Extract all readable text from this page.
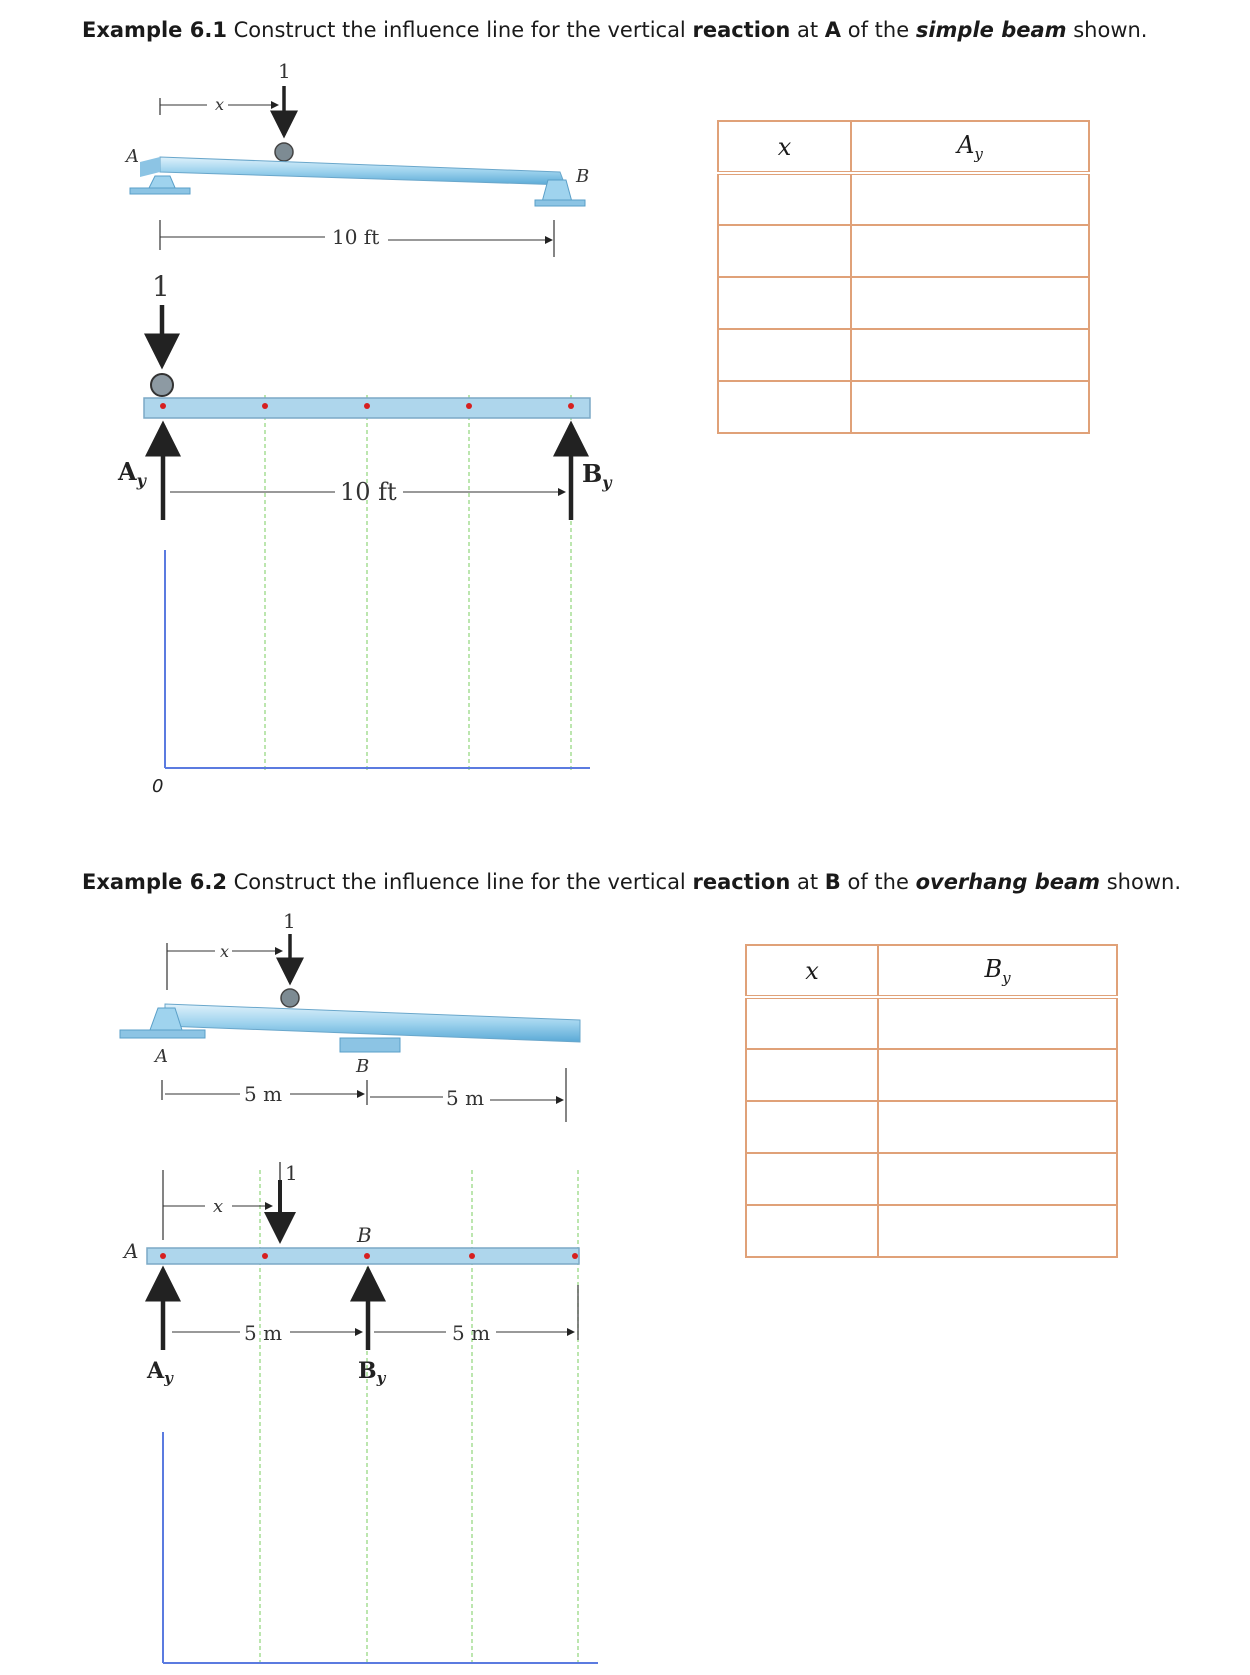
Example 6.1 Construct the influence line for the vertical reaction at A of the simple beam shown.
Example 6.2 Construct the influence line for the vertical reaction at B of the overhang beam shown.
x
1
A
B
10 ft
1
$A_y$	$B_y$
10 ft
0
x
1
A	B
5 m	5 m
x
1
A
B
$A_y$	$B_y$
5 m	5 m
x	$A_y$

x	$B_y$
